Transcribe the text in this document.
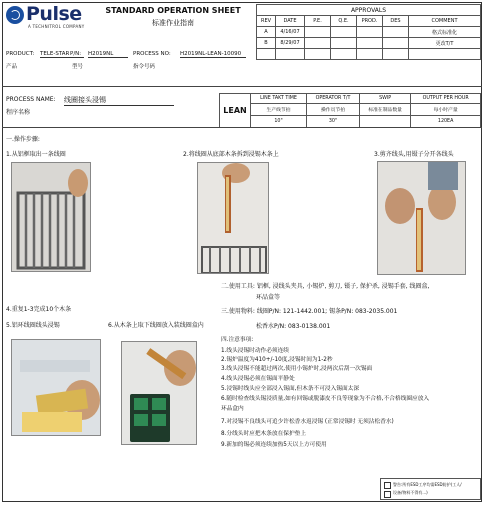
Pulse
A TECHNITROL COMPANY
STANDARD OPERATION SHEET
标准作业指南
APPROVALS						
REV	DATE	P.E.	Q.E.	PROD.	DES	COMMENT
A	4/16/07					格式标准化
B	8/29/07					更改T/T

PRODUCT: TELE-STAR P/N: H2019NL	PROCESS NO: H2019NL-LEAN-10090
产品	型号	指令号码
PROCESS NAME: 线圈接头浸锡
程序名称	LEAN	LINE TAKT TIME	OPERATOR T/T	SWIP	OUTPUT PER HOUR
	生产线节拍	操作员节拍	标准在制品数量	每小时产量
	10"	30"		120EA
一.操作步骤:
1.从铝框取出一条线圈	2.将线圈从底部木条拆到浸锡木条上	3.剪齐线头,用镊子分开各线头
4.重复1-3完成10个木条
5.铝环线圈线头浸锡	6.从木条上取下线圈放入装线圈盒内
二.使用工具: 铝框, 浸线头夹具, 小锡炉, 剪刀, 镊子, 保护杀, 浸锡手套, 线圈盒,
环品盒等
三.使用物料: 线圈P/N: 121-1442.001; 锡条P/N: 083-2035.001
松香水P/N: 083-0138.001
四.注意事项:
1.线头浸锡时动作必须连续
2.锡炉温度为410+/-10度,浸锡时间为1-2秒
3.线头浸锡不能超过两次,使用小锡炉时,浸两次后刮一次锡面
4.线头浸锡必须在锡面平静处
5.浸锡时线头应全部浸入锡面,但木条不可浸入锡面太深
6.随时检查线头锡浸质量,如有回锡或脱漆皮不良等现象为不合格,不合格线圈应放入
环品盒内
7.对浸锡不良线头可追少许松香水返浸锡 (正常浸锡时 无须沾松香水)
8.分线头时应把木条放在保护垫上
9.新加的锡必须连续加热5天以上方可使用
警告:所有ESD工序均需ESD防护(工人/
设备/物料不得有...)
